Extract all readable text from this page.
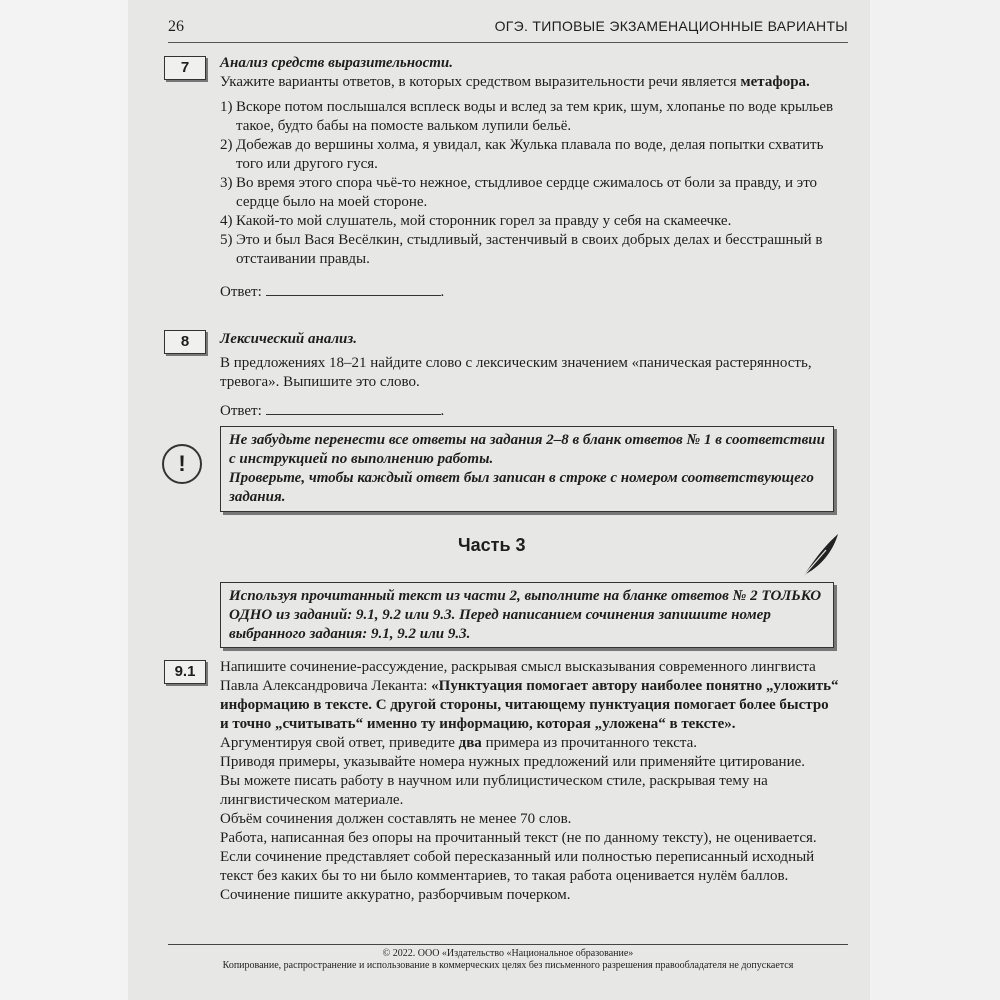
26	ОГЭ. ТИПОВЫЕ ЭКЗАМЕНАЦИОННЫЕ ВАРИАНТЫ
7	Анализ средств выразительности.
Укажите варианты ответов, в которых средством выразительности речи является метафора.
1) Вскоре потом послышался всплеск воды и вслед за тем крик, шум, хлопанье по воде крыльев такое, будто бабы на помосте вальком лупили бельё.
2) Добежав до вершины холма, я увидал, как Жулька плавала по воде, делая попытки схватить того или другого гуся.
3) Во время этого спора чьё-то нежное, стыдливое сердце сжималось от боли за правду, и это сердце было на моей стороне.
4) Какой-то мой слушатель, мой сторонник горел за правду у себя на скамеечке.
5) Это и был Вася Весёлкин, стыдливый, застенчивый в своих добрых делах и бесстрашный в отстаивании правды.
Ответ:	.
8	Лексический анализ.
В предложениях 18–21 найдите слово с лексическим значением «паническая растерянность, тревога». Выпишите это слово.
Ответ:	.
!
Не забудьте перенести все ответы на задания 2–8 в бланк ответов № 1 в соответствии с инструкцией по выполнению работы.
Проверьте, чтобы каждый ответ был записан в строке с номером соответствующего задания.
Часть 3
Используя прочитанный текст из части 2, выполните на бланке ответов № 2 ТОЛЬКО ОДНО из заданий: 9.1, 9.2 или 9.3. Перед написанием сочинения запишите номер выбранного задания: 9.1, 9.2 или 9.3.
9.1	Напишите сочинение-рассуждение, раскрывая смысл высказывания современного лингвиста Павла Александровича Леканта: «Пунктуация помогает автору наиболее понятно „уложить“ информацию в тексте. С другой стороны, читающему пунктуация помогает более быстро и точно „считывать“ именно ту информацию, которая „уложена“ в тексте».

Аргументируя свой ответ, приведите два примера из прочитанного текста.

Приводя примеры, указывайте номера нужных предложений или применяйте цитирование.

Вы можете писать работу в научном или публицистическом стиле, раскрывая тему на лингвистическом материале.

Объём сочинения должен составлять не менее 70 слов.

Работа, написанная без опоры на прочитанный текст (не по данному тексту), не оценивается. Если сочинение представляет собой пересказанный или полностью переписанный исходный текст без каких бы то ни было комментариев, то такая работа оценивается нулём баллов.

Сочинение пишите аккуратно, разборчивым почерком.

© 2022. ООО «Издательство «Национальное образование»
Копирование, распространение и использование в коммерческих целях без письменного разрешения правообладателя не допускается
